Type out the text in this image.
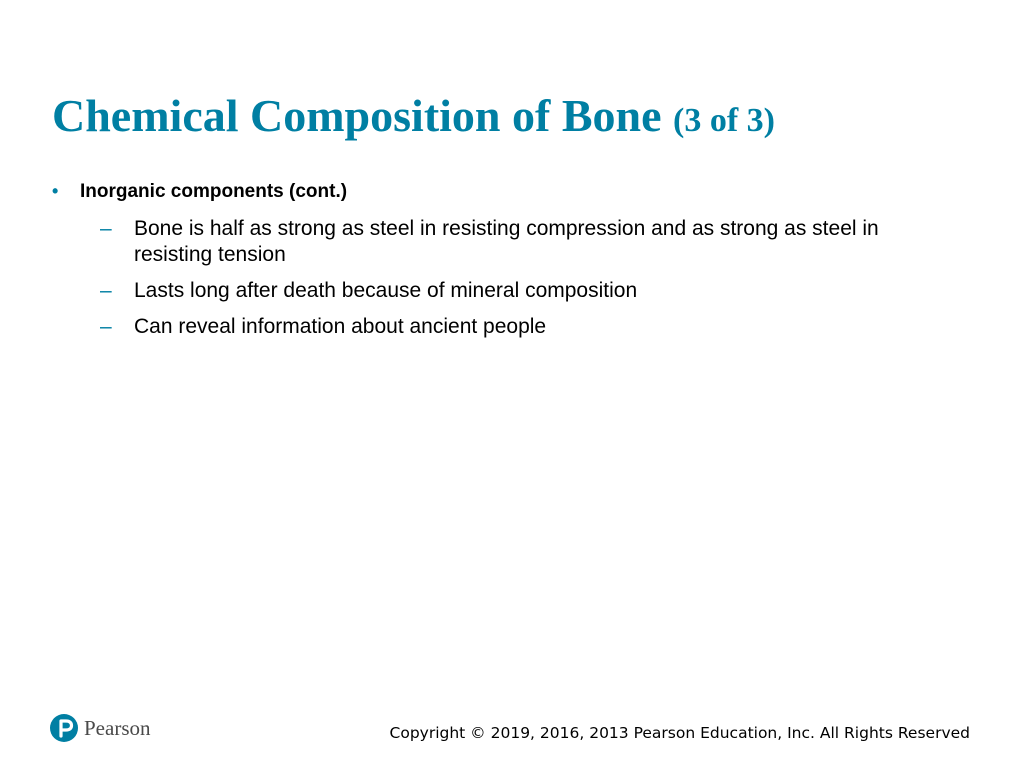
Chemical Composition of Bone (3 of 3)
•	Inorganic components (cont.)
–	Bone is half as strong as steel in resisting compression and as strong as steel in resisting tension
–	Lasts long after death because of mineral composition
–	Can reveal information about ancient people
Pearson	Copyright © 2019, 2016, 2013 Pearson Education, Inc. All Rights Reserved
